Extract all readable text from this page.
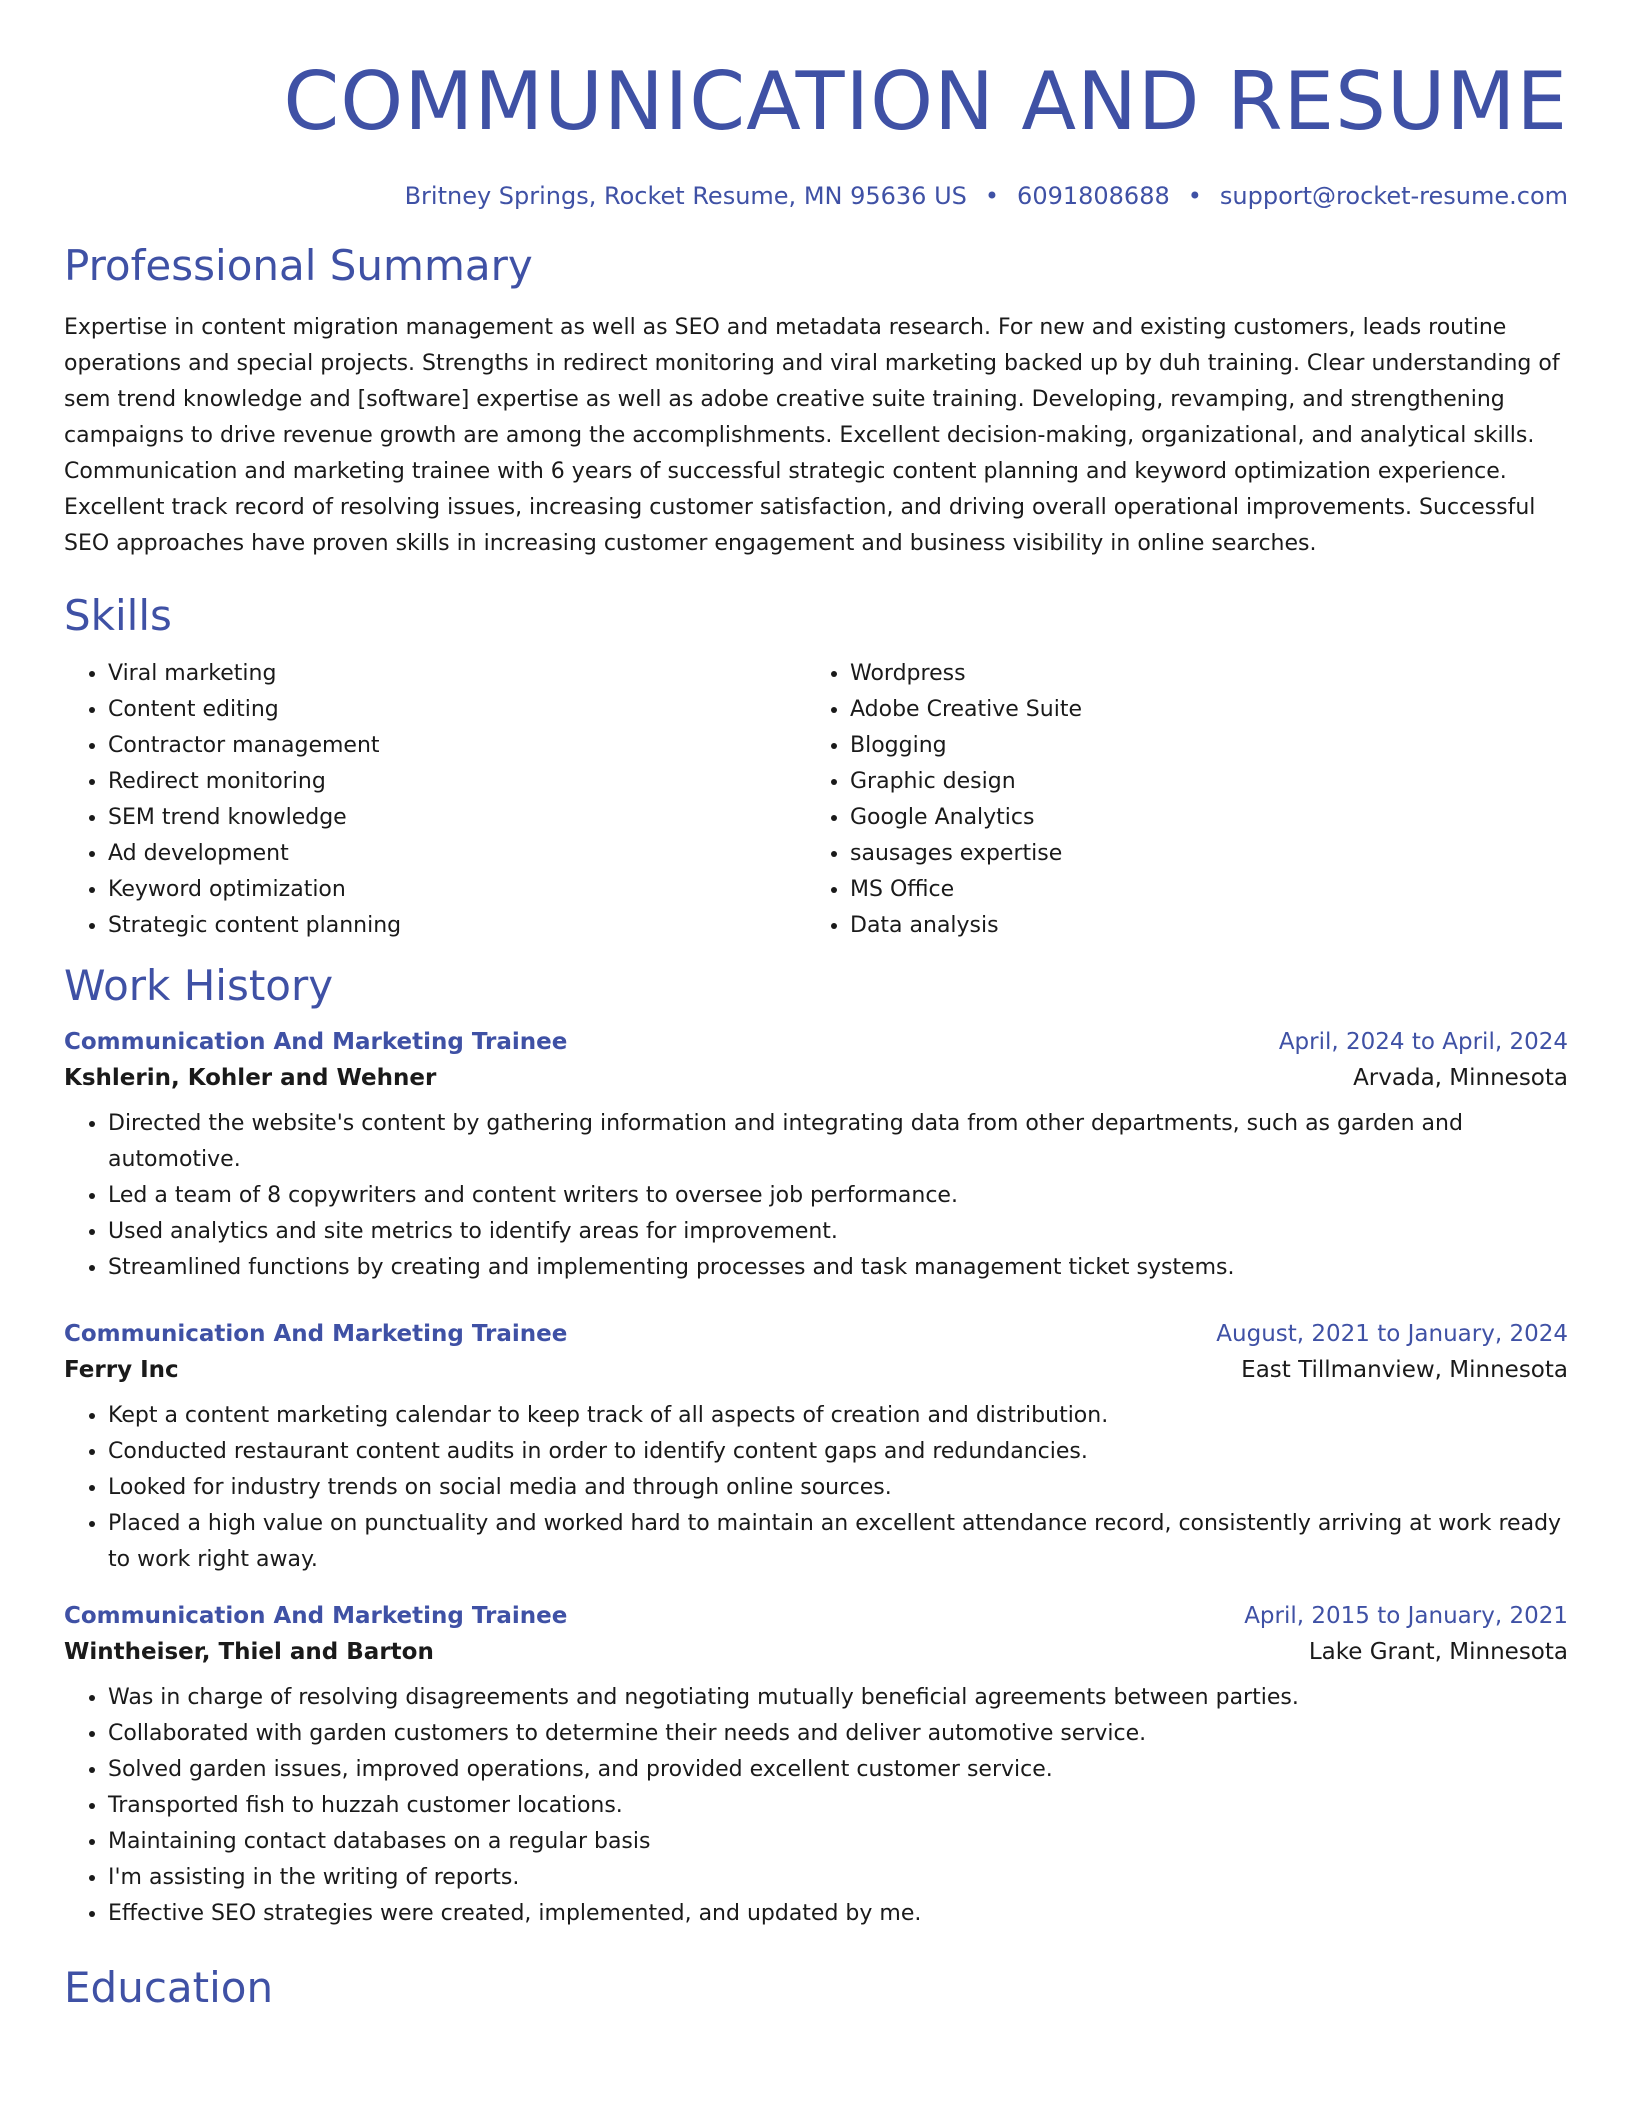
COMMUNICATION AND RESUME
Britney Springs, Rocket Resume, MN 95636 US • 6091808688 • support@rocket-resume.com
Professional Summary

Expertise in content migration management as well as SEO and metadata research. For new and existing customers, leads routine operations and special projects. Strengths in redirect monitoring and viral marketing backed up by duh training. Clear understanding of sem trend knowledge and [software] expertise as well as adobe creative suite training. Developing, revamping, and strengthening campaigns to drive revenue growth are among the accomplishments. Excellent decision-making, organizational, and analytical skills. Communication and marketing trainee with 6 years of successful strategic content planning and keyword optimization experience. Excellent track record of resolving issues, increasing customer satisfaction, and driving overall operational improvements. Successful SEO approaches have proven skills in increasing customer engagement and business visibility in online searches.

Skills
• Viral marketing
• Content editing
• Contractor management
• Redirect monitoring
• SEM trend knowledge
• Ad development
• Keyword optimization
• Strategic content planning
• Wordpress
• Adobe Creative Suite
• Blogging
• Graphic design
• Google Analytics
• sausages expertise
• MS Office
• Data analysis
Work History
Communication And Marketing Trainee	April, 2024 to April, 2024
Kshlerin, Kohler and Wehner	Arvada, Minnesota
• Directed the website's content by gathering information and integrating data from other departments, such as garden and automotive.
• Led a team of 8 copywriters and content writers to oversee job performance.
• Used analytics and site metrics to identify areas for improvement.
• Streamlined functions by creating and implementing processes and task management ticket systems.
Communication And Marketing Trainee	August, 2021 to January, 2024
Ferry Inc	East Tillmanview, Minnesota
• Kept a content marketing calendar to keep track of all aspects of creation and distribution.
• Conducted restaurant content audits in order to identify content gaps and redundancies.
• Looked for industry trends on social media and through online sources.
• Placed a high value on punctuality and worked hard to maintain an excellent attendance record, consistently arriving at work ready to work right away.
Communication And Marketing Trainee	April, 2015 to January, 2021
Wintheiser, Thiel and Barton	Lake Grant, Minnesota
• Was in charge of resolving disagreements and negotiating mutually beneficial agreements between parties.
• Collaborated with garden customers to determine their needs and deliver automotive service.
• Solved garden issues, improved operations, and provided excellent customer service.
• Transported fish to huzzah customer locations.
• Maintaining contact databases on a regular basis
• I'm assisting in the writing of reports.
• Effective SEO strategies were created, implemented, and updated by me.
Education
